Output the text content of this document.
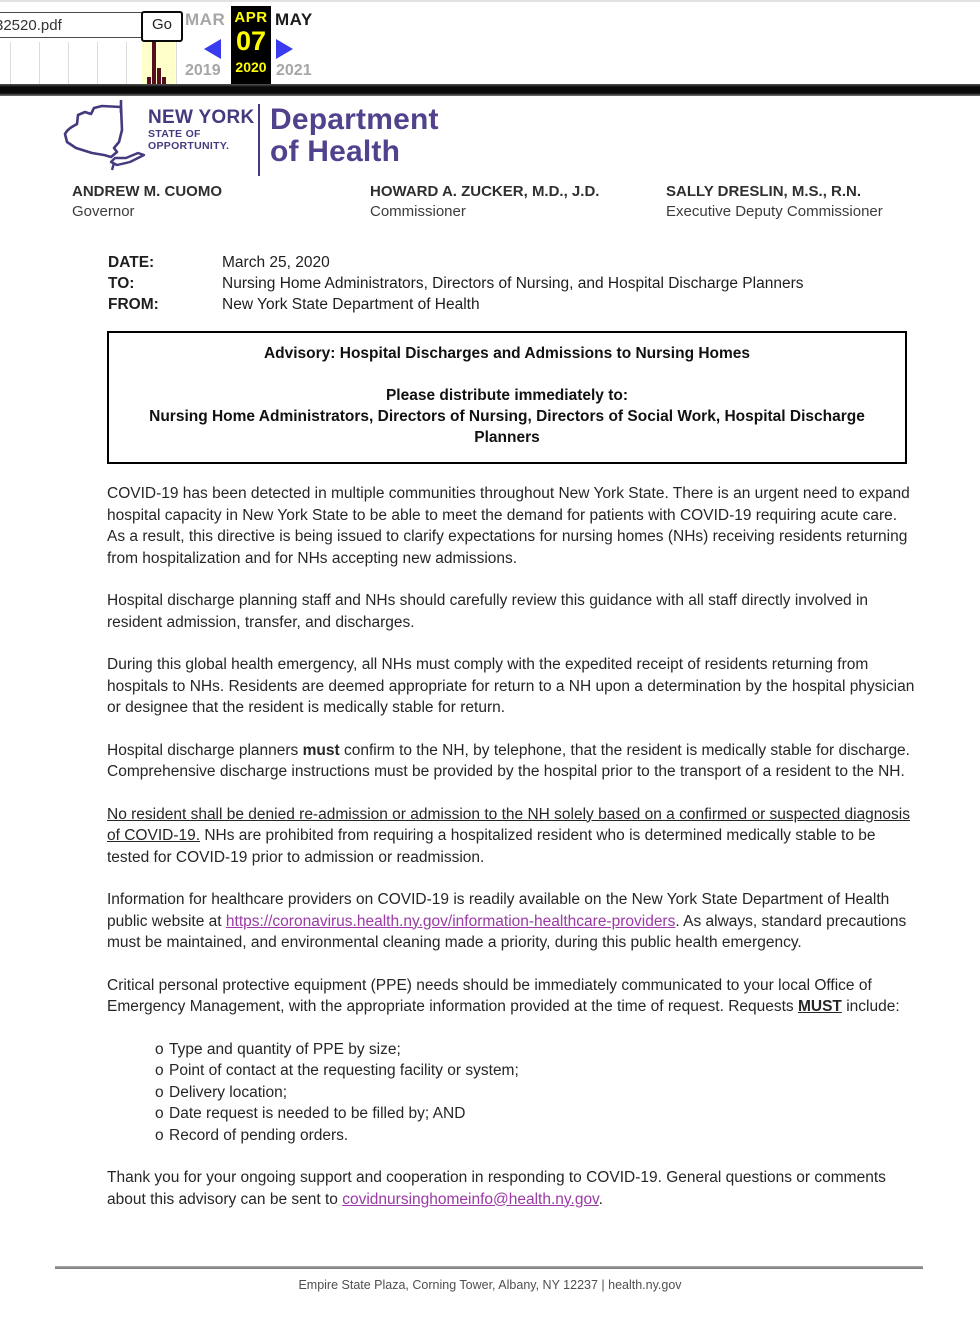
32520.pdf
Go MAR APR
07
2020
MAY
2019	2021
NEW YORK
STATE OF
OPPORTUNITY.
Department
of Health
ANDREW M. CUOMO
Governor
HOWARD A. ZUCKER, M.D., J.D.
Commissioner
SALLY DRESLIN, M.S., R.N.
Executive Deputy Commissioner
DATE:	March 25, 2020
TO:	Nursing Home Administrators, Directors of Nursing, and Hospital Discharge Planners
FROM:	New York State Department of Health
Advisory: Hospital Discharges and Admissions to Nursing Homes
Please distribute immediately to:
Nursing Home Administrators, Directors of Nursing, Directors of Social Work, Hospital Discharge Planners

COVID-19 has been detected in multiple communities throughout New York State. There is an urgent need to expand hospital capacity in New York State to be able to meet the demand for patients with COVID-19 requiring acute care. As a result, this directive is being issued to clarify expectations for nursing homes (NHs) receiving residents returning from hospitalization and for NHs accepting new admissions.

Hospital discharge planning staff and NHs should carefully review this guidance with all staff directly involved in resident admission, transfer, and discharges.

During this global health emergency, all NHs must comply with the expedited receipt of residents returning from hospitals to NHs. Residents are deemed appropriate for return to a NH upon a determination by the hospital physician or designee that the resident is medically stable for return.

Hospital discharge planners must confirm to the NH, by telephone, that the resident is medically stable for discharge. Comprehensive discharge instructions must be provided by the hospital prior to the transport of a resident to the NH.

No resident shall be denied re-admission or admission to the NH solely based on a confirmed or suspected diagnosis of COVID-19. NHs are prohibited from requiring a hospitalized resident who is determined medically stable to be tested for COVID-19 prior to admission or readmission.

Information for healthcare providers on COVID-19 is readily available on the New York State Department of Health public website at https://coronavirus.health.ny.gov/information-healthcare-providers. As always, standard precautions must be maintained, and environmental cleaning made a priority, during this public health emergency.

Critical personal protective equipment (PPE) needs should be immediately communicated to your local Office of Emergency Management, with the appropriate information provided at the time of request. Requests MUST include:

o Type and quantity of PPE by size;
o Point of contact at the requesting facility or system;
o Delivery location;
o Date request is needed to be filled by; AND
o Record of pending orders.

Thank you for your ongoing support and cooperation in responding to COVID-19. General questions or comments about this advisory can be sent to covidnursinghomeinfo@health.ny.gov.

Empire State Plaza, Corning Tower, Albany, NY 12237 | health.ny.gov
